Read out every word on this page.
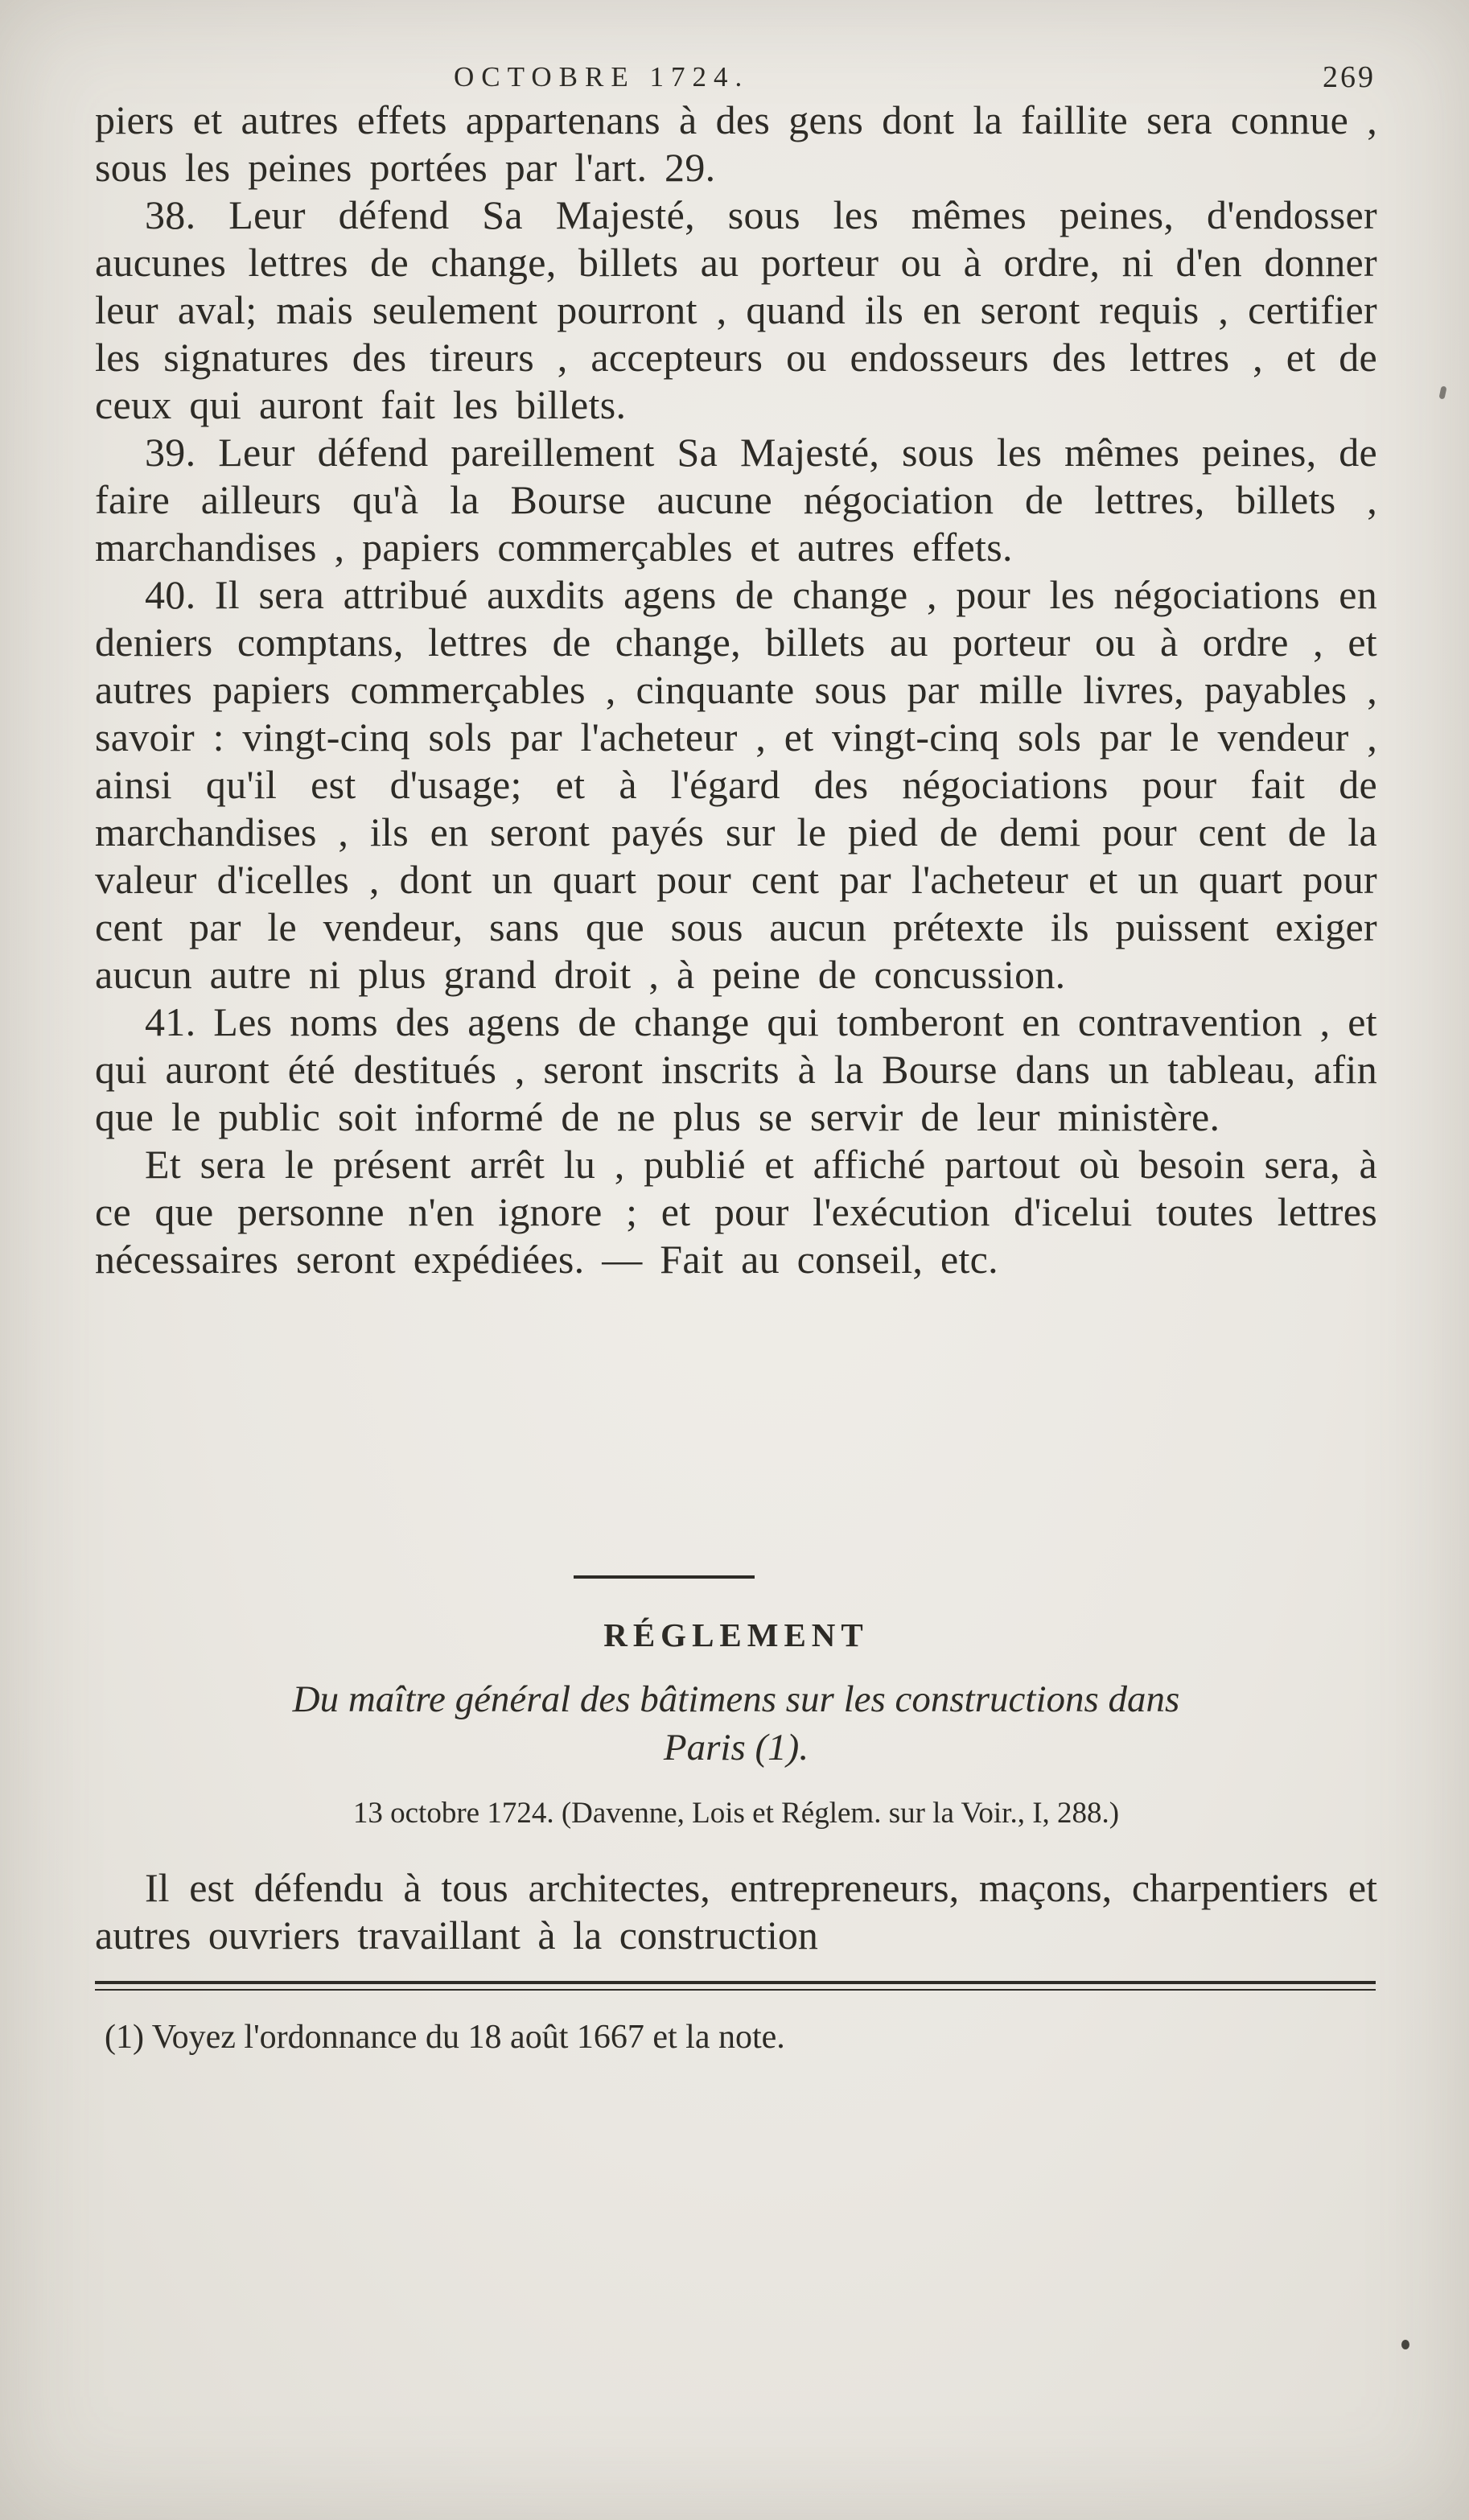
OCTOBRE 1724.	269

piers et autres effets appartenans à des gens dont la faillite sera connue , sous les peines portées par l'art. 29.

38. Leur défend Sa Majesté, sous les mêmes peines, d'endosser aucunes lettres de change, billets au porteur ou à ordre, ni d'en donner leur aval; mais seulement pourront , quand ils en seront requis , certifier les signatures des tireurs , accepteurs ou endosseurs des lettres , et de ceux qui auront fait les billets.

39. Leur défend pareillement Sa Majesté, sous les mêmes peines, de faire ailleurs qu'à la Bourse aucune négociation de lettres, billets , marchandises , papiers commerçables et autres effets.

40. Il sera attribué auxdits agens de change , pour les négociations en deniers comptans, lettres de change, billets au porteur ou à ordre , et autres papiers commerçables , cinquante sous par mille livres, payables , savoir : vingt-cinq sols par l'acheteur , et vingt-cinq sols par le vendeur , ainsi qu'il est d'usage; et à l'égard des négociations pour fait de marchandises , ils en seront payés sur le pied de demi pour cent de la valeur d'icelles , dont un quart pour cent par l'acheteur et un quart pour cent par le vendeur, sans que sous aucun prétexte ils puissent exiger aucun autre ni plus grand droit , à peine de concussion.

41. Les noms des agens de change qui tomberont en contravention , et qui auront été destitués , seront inscrits à la Bourse dans un tableau, afin que le public soit informé de ne plus se servir de leur ministère.

Et sera le présent arrêt lu , publié et affiché partout où besoin sera, à ce que personne n'en ignore ; et pour l'exécution d'icelui toutes lettres nécessaires seront expédiées. — Fait au conseil, etc.

RÉGLEMENT

Du maître général des bâtimens sur les constructions dans
Paris (1).

13 octobre 1724. (Davenne, Lois et Réglem. sur la Voir., I, 288.)

Il est défendu à tous architectes, entrepreneurs, maçons, charpentiers et autres ouvriers travaillant à la construction

(1) Voyez l'ordonnance du 18 août 1667 et la note.
